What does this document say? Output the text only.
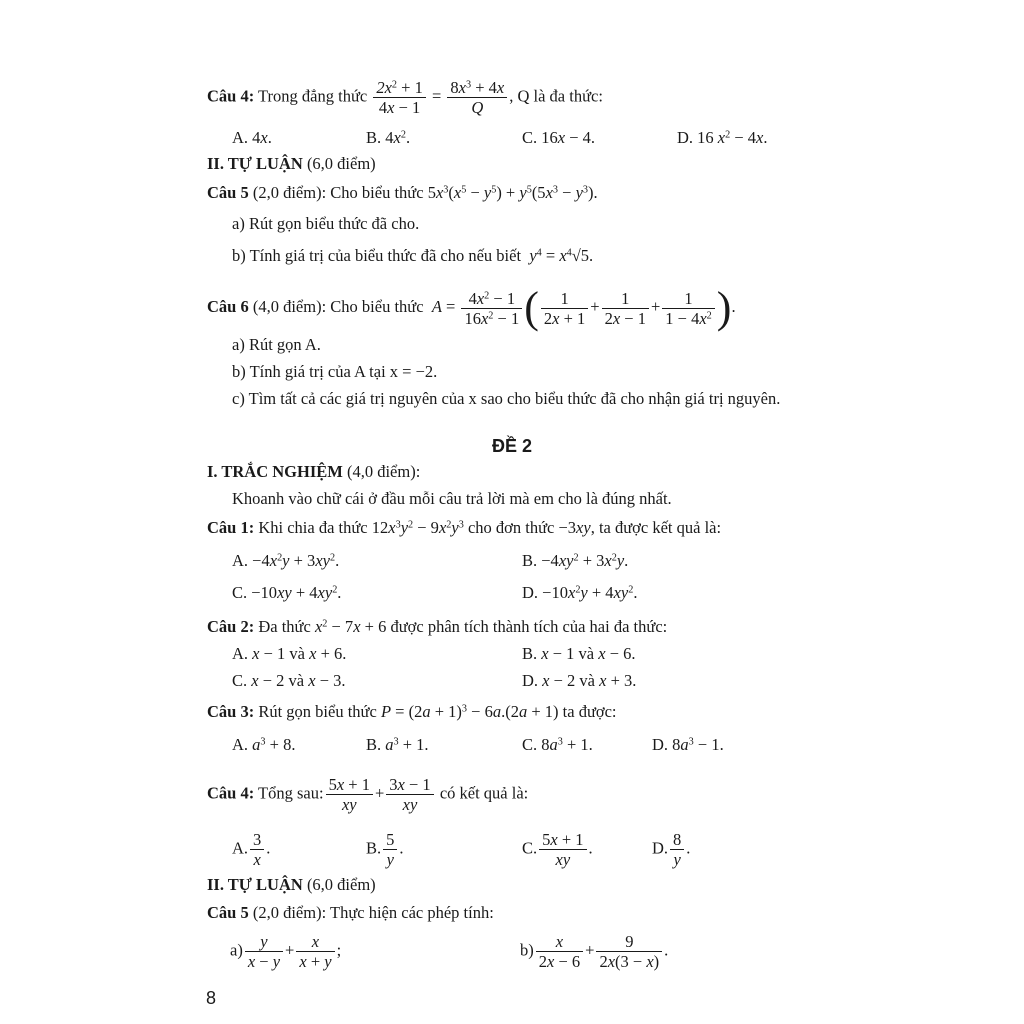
Câu 4: Trong đẳng thức $\frac{2x^2 + 1}{4x - 1} = \frac{8x^3 + 4x}{Q}$ , Q là đa thức:
A. 4x.	B. $4x^2$.	C. 16x − 4.	D. 16 $x^2 - 4x$.
II. TỰ LUẬN (6,0 điểm)
Câu 5 (2,0 điểm): Cho biểu thức $5x^3(x^5 - y^5) + y^5(5x^3 - y^3)$.
a) Rút gọn biểu thức đã cho.
b) Tính giá trị của biểu thức đã cho nếu biết $y^4 = x^4√5$.
Câu 6 (4,0 điểm): Cho biểu thức $A = \frac{4x^2 - 1}{16x^2 - 1}$ ( $\frac{1}{2x + 1} + \frac{1}{2x - 1} + \frac{1}{1 - 4x^2}$ ).
a) Rút gọn A.
b) Tính giá trị của A tại x = −2.
c) Tìm tất cả các giá trị nguyên của x sao cho biểu thức đã cho nhận giá trị nguyên.
ĐỀ 2
I. TRẮC NGHIỆM (4,0 điểm):
Khoanh vào chữ cái ở đầu mỗi câu trả lời mà em cho là đúng nhất.
Câu 1: Khi chia đa thức $12x^3y^2 - 9x^2y^3$ cho đơn thức −3xy, ta được kết quả là:
A. $-4x^2y + 3xy^2$.	B. $-4xy^2 + 3x^2y$.
C. $-10xy + 4xy^2$.	D. $-10x^2y + 4xy^2$.
Câu 2: Đa thức $x^2 - 7x + 6$ được phân tích thành tích của hai đa thức:
A. x − 1 và x + 6.	B. x − 1 và x − 6.
C. x − 2 và x − 3.	D. x − 2 và x + 3.
Câu 3: Rút gọn biểu thức $P = (2a + 1)^3 - 6a.(2a + 1)$ ta được:
A. $a^3 + 8$.	B. $a^3 + 1$.	C. $8a^3 + 1$.	D. $8a^3 - 1$.
Câu 4: Tổng sau: $\frac{5x + 1}{xy} + \frac{3x - 1}{xy}$ có kết quả là:
A. $\frac{3}{x}$ .	B. $\frac{5}{y}$ .	C. $\frac{5x + 1}{xy}$ .	D. $\frac{8}{y}$ .
II. TỰ LUẬN (6,0 điểm)
Câu 5 (2,0 điểm): Thực hiện các phép tính:
$a) \frac{y}{x - y} + \frac{x}{x + y}$ ;	$b) \frac{x}{2x - 6} + \frac{9}{2x(3 - x)}$ .
8
